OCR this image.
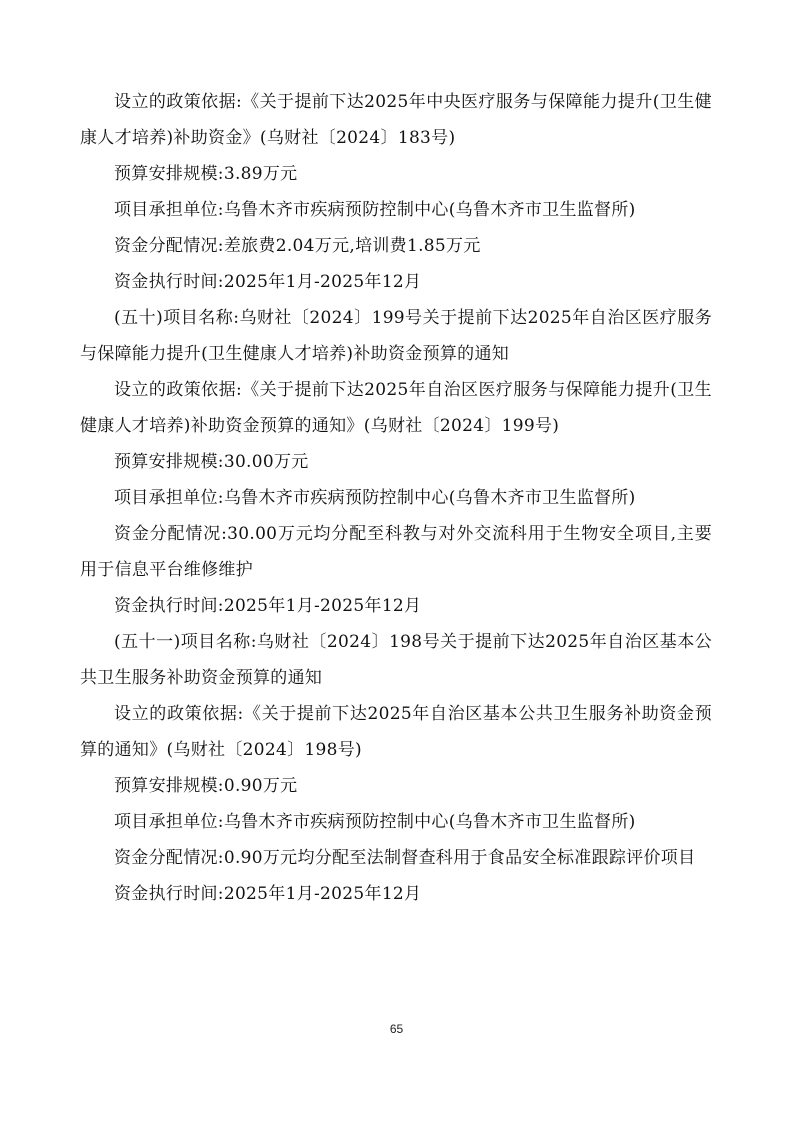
设立的政策依据:《关于提前下达2025年中央医疗服务与保障能力提升(卫生健康人才培养)补助资金》(乌财社〔2024〕183号)

预算安排规模:3.89万元

项目承担单位:乌鲁木齐市疾病预防控制中心(乌鲁木齐市卫生监督所)

资金分配情况:差旅费2.04万元,培训费1.85万元

资金执行时间:2025年1月-2025年12月

(五十)项目名称:乌财社〔2024〕199号关于提前下达2025年自治区医疗服务与保障能力提升(卫生健康人才培养)补助资金预算的通知

设立的政策依据:《关于提前下达2025年自治区医疗服务与保障能力提升(卫生健康人才培养)补助资金预算的通知》(乌财社〔2024〕199号)

预算安排规模:30.00万元

项目承担单位:乌鲁木齐市疾病预防控制中心(乌鲁木齐市卫生监督所)

资金分配情况:30.00万元均分配至科教与对外交流科用于生物安全项目,主要用于信息平台维修维护

资金执行时间:2025年1月-2025年12月

(五十一)项目名称:乌财社〔2024〕198号关于提前下达2025年自治区基本公共卫生服务补助资金预算的通知

设立的政策依据:《关于提前下达2025年自治区基本公共卫生服务补助资金预算的通知》(乌财社〔2024〕198号)

预算安排规模:0.90万元

项目承担单位:乌鲁木齐市疾病预防控制中心(乌鲁木齐市卫生监督所)

资金分配情况:0.90万元均分配至法制督查科用于食品安全标准跟踪评价项目

资金执行时间:2025年1月-2025年12月

65
